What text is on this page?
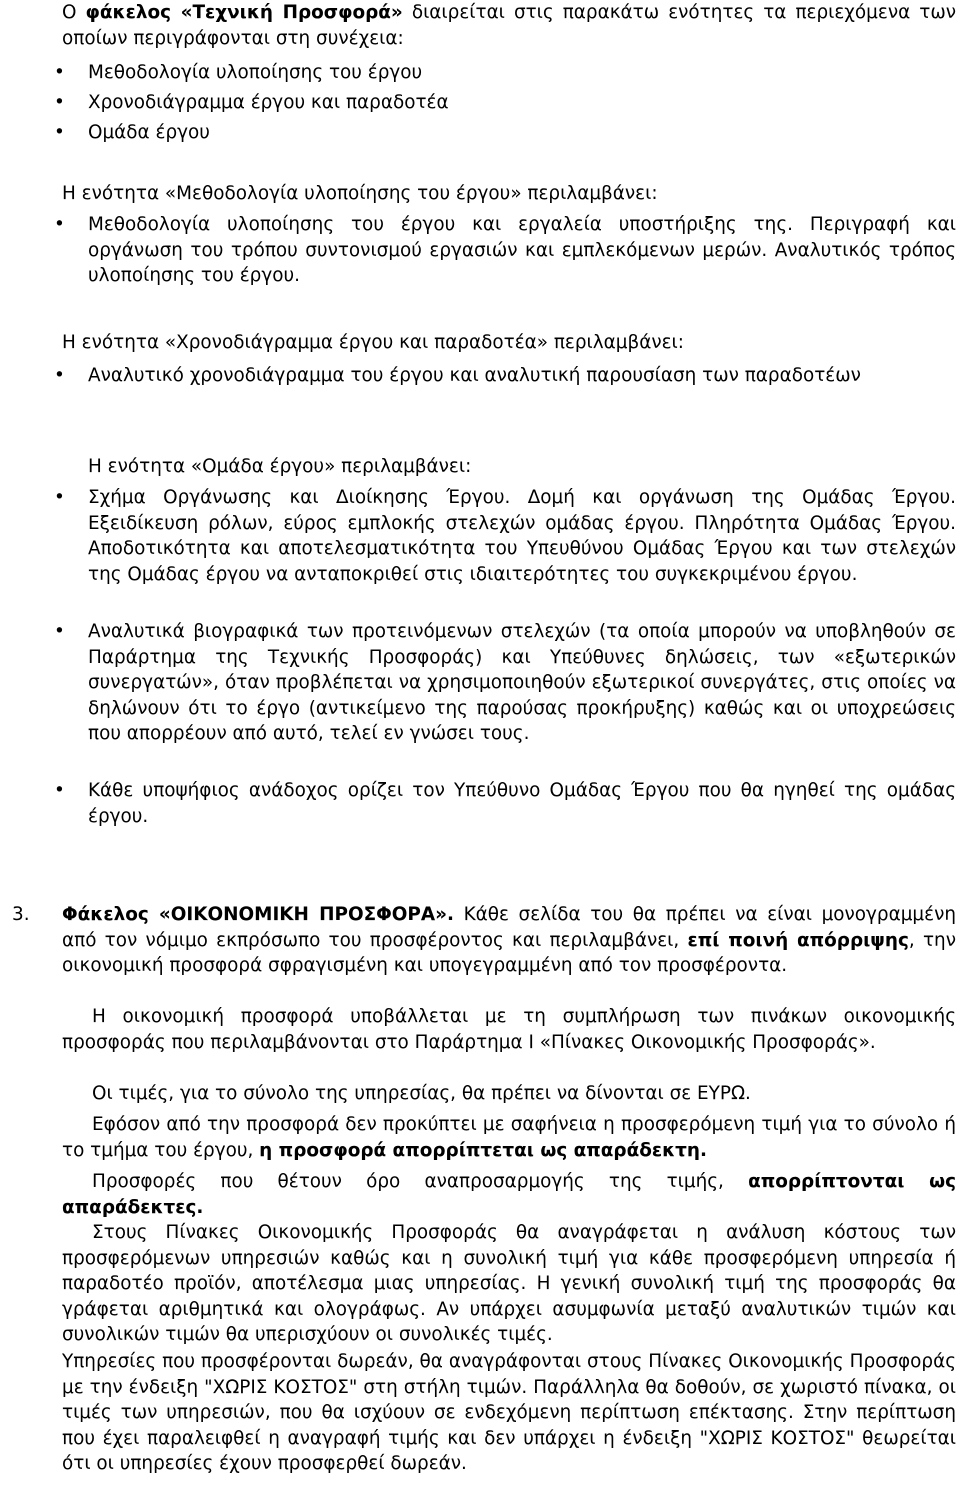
Ο φάκελος «Τεχνική Προσφορά» διαιρείται στις παρακάτω ενότητες τα περιεχόμενα των οποίων περιγράφονται στη συνέχεια:

• Μεθοδολογία υλοποίησης του έργου
• Χρονοδιάγραμμα έργου και παραδοτέα
• Ομάδα έργου

Η ενότητα «Μεθοδολογία υλοποίησης του έργου» περιλαμβάνει:

• Μεθοδολογία υλοποίησης του έργου και εργαλεία υποστήριξης της. Περιγραφή και οργάνωση του τρόπου συντονισμού εργασιών και εμπλεκόμενων μερών. Αναλυτικός τρόπος υλοποίησης του έργου.

Η ενότητα «Χρονοδιάγραμμα έργου και παραδοτέα» περιλαμβάνει:

• Αναλυτικό χρονοδιάγραμμα του έργου και αναλυτική παρουσίαση των παραδοτέων

Η ενότητα «Ομάδα έργου» περιλαμβάνει:

• Σχήμα Οργάνωσης και Διοίκησης Έργου. Δομή και οργάνωση της Ομάδας Έργου. Εξειδίκευση ρόλων, εύρος εμπλοκής στελεχών ομάδας έργου. Πληρότητα Ομάδας Έργου. Αποδοτικότητα και αποτελεσματικότητα του Υπευθύνου Ομάδας Έργου και των στελεχών της Ομάδας έργου να ανταποκριθεί στις ιδιαιτερότητες του συγκεκριμένου έργου.
• Αναλυτικά βιογραφικά των προτεινόμενων στελεχών (τα οποία μπορούν να υποβληθούν σε Παράρτημα της Τεχνικής Προσφοράς) και Υπεύθυνες δηλώσεις, των «εξωτερικών συνεργατών», όταν προβλέπεται να χρησιμοποιηθούν εξωτερικοί συνεργάτες, στις οποίες να δηλώνουν ότι το έργο (αντικείμενο της παρούσας προκήρυξης) καθώς και οι υποχρεώσεις που απορρέουν από αυτό, τελεί εν γνώσει τους.
• Κάθε υποψήφιος ανάδοχος ορίζει τον Υπεύθυνο Ομάδας Έργου που θα ηγηθεί της ομάδας έργου.
3. Φάκελος «ΟΙΚΟΝΟΜΙΚΗ ΠΡΟΣΦΟΡΑ». Κάθε σελίδα του θα πρέπει να είναι μονογραμμένη από τον νόμιμο εκπρόσωπο του προσφέροντος και περιλαμβάνει, επί ποινή απόρριψης, την οικονομική προσφορά σφραγισμένη και υπογεγραμμένη από τον προσφέροντα.

Η οικονομική προσφορά υποβάλλεται με τη συμπλήρωση των πινάκων οικονομικής προσφοράς που περιλαμβάνονται στο Παράρτημα Ι «Πίνακες Οικονομικής Προσφοράς».

Οι τιμές, για το σύνολο της υπηρεσίας, θα πρέπει να δίνονται σε ΕΥΡΩ.

Εφόσον από την προσφορά δεν προκύπτει με σαφήνεια η προσφερόμενη τιμή για το σύνολο ή το τμήμα του έργου, η προσφορά απορρίπτεται ως απαράδεκτη.

Προσφορές που θέτουν όρο αναπροσαρμογής της τιμής, απορρίπτονται ως απαράδεκτες.

Στους Πίνακες Οικονομικής Προσφοράς θα αναγράφεται η ανάλυση κόστους των προσφερόμενων υπηρεσιών καθώς και η συνολική τιμή για κάθε προσφερόμενη υπηρεσία ή παραδοτέο προϊόν, αποτέλεσμα μιας υπηρεσίας. Η γενική συνολική τιμή της προσφοράς θα γράφεται αριθμητικά και ολογράφως. Αν υπάρχει ασυμφωνία μεταξύ αναλυτικών τιμών και συνολικών τιμών θα υπερισχύουν οι συνολικές τιμές.

Υπηρεσίες που προσφέρονται δωρεάν, θα αναγράφονται στους Πίνακες Οικονομικής Προσφοράς με την ένδειξη "ΧΩΡΙΣ ΚΟΣΤΟΣ" στη στήλη τιμών. Παράλληλα θα δοθούν, σε χωριστό πίνακα, οι τιμές των υπηρεσιών, που θα ισχύουν σε ενδεχόμενη περίπτωση επέκτασης. Στην περίπτωση που έχει παραλειφθεί η αναγραφή τιμής και δεν υπάρχει η ένδειξη "ΧΩΡΙΣ ΚΟΣΤΟΣ" θεωρείται ότι οι υπηρεσίες έχουν προσφερθεί δωρεάν.
